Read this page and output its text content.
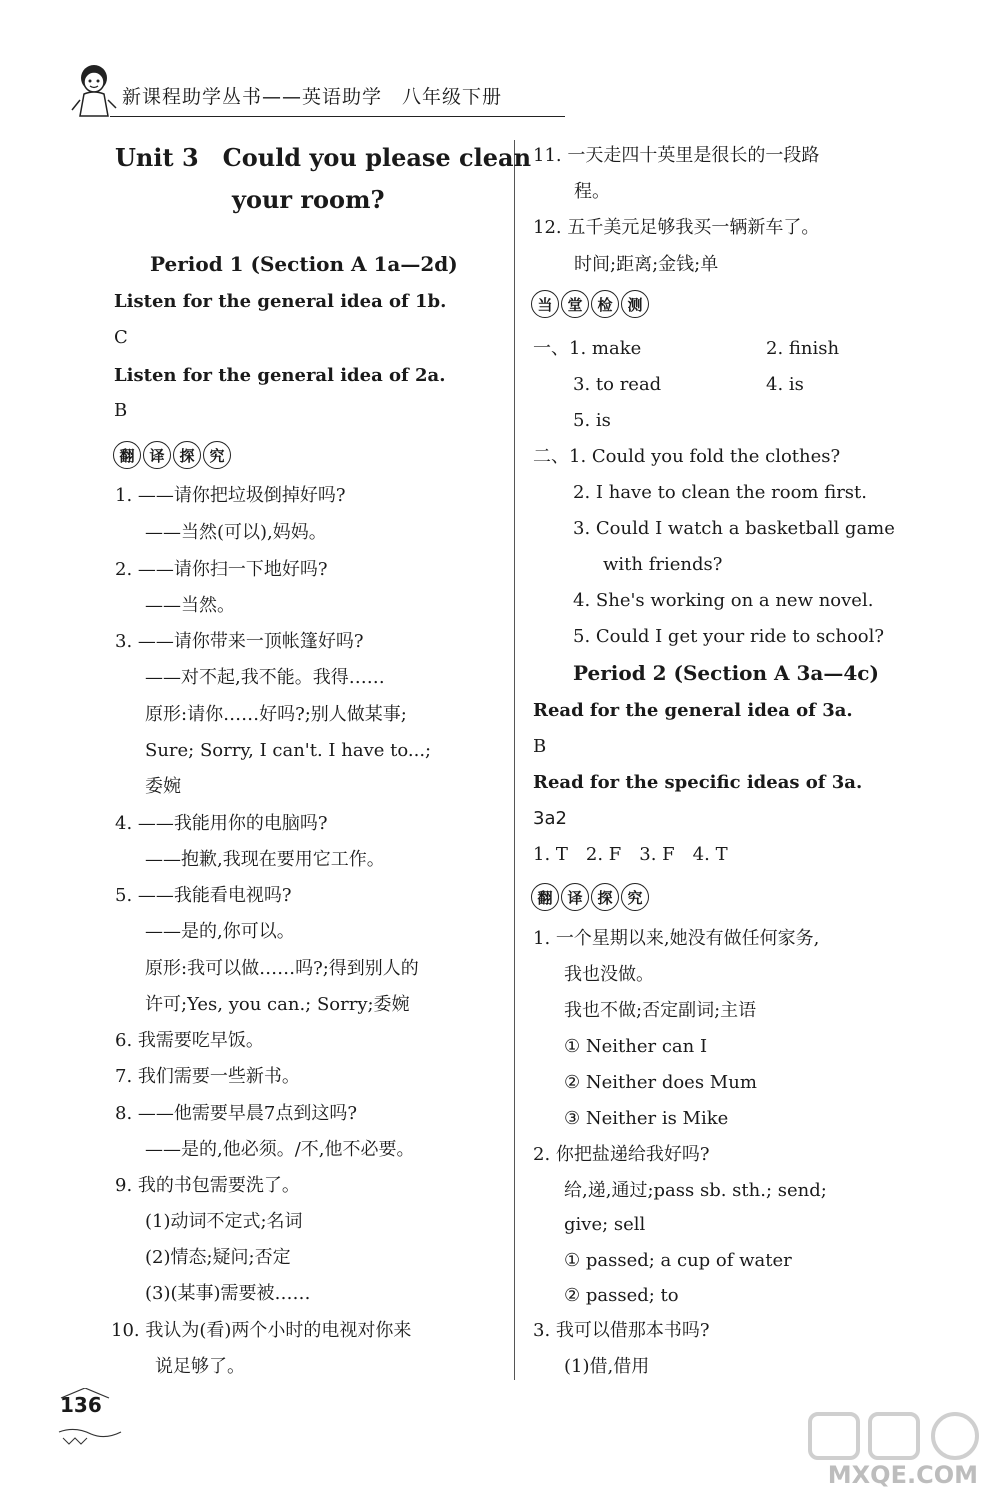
新课程助学丛书——英语助学　八年级下册
Unit 3　Could you please clean
your room?
Period 1 (Section A 1a—2d)
Listen for the general idea of 1b.
C
Listen for the general idea of 2a.
B
翻 译 探 究
1. ——请你把垃圾倒掉好吗?
——当然(可以),妈妈。
2. ——请你扫一下地好吗?
——当然。
3. ——请你带来一顶帐篷好吗?
——对不起,我不能。我得……
原形:请你……好吗?;别人做某事;
Sure; Sorry, I can't. I have to...;
委婉
4. ——我能用你的电脑吗?
——抱歉,我现在要用它工作。
5. ——我能看电视吗?
——是的,你可以。
原形:我可以做……吗?;得到别人的
许可;Yes, you can.; Sorry;委婉
6. 我需要吃早饭。
7. 我们需要一些新书。
8. ——他需要早晨7点到这吗?
——是的,他必须。/不,他不必要。
9. 我的书包需要洗了。
(1)动词不定式;名词
(2)情态;疑问;否定
(3)(某事)需要被……
10. 我认为(看)两个小时的电视对你来
说足够了。
11. 一天走四十英里是很长的一段路
程。
12. 五千美元足够我买一辆新车了。
时间;距离;金钱;单
当 堂 检 测
一、1. make	2. finish
3. to read	4. is
5. is
二、1. Could you fold the clothes?
2. I have to clean the room first.
3. Could I watch a basketball game
with friends?
4. She's working on a new novel.
5. Could I get your ride to school?
Period 2 (Section A 3a—4c)
Read for the general idea of 3a.
B
Read for the specific ideas of 3a.
3a2
1. T　2. F　3. F　4. T
翻 译 探 究
1. 一个星期以来,她没有做任何家务,
我也没做。
我也不做;否定副词;主语
① Neither can I
② Neither does Mum
③ Neither is Mike
2. 你把盐递给我好吗?
给,递,通过;pass sb. sth.; send;
give; sell
① passed; a cup of water
② passed; to
3. 我可以借那本书吗?
(1)借,借用
136
MXQE.COM
